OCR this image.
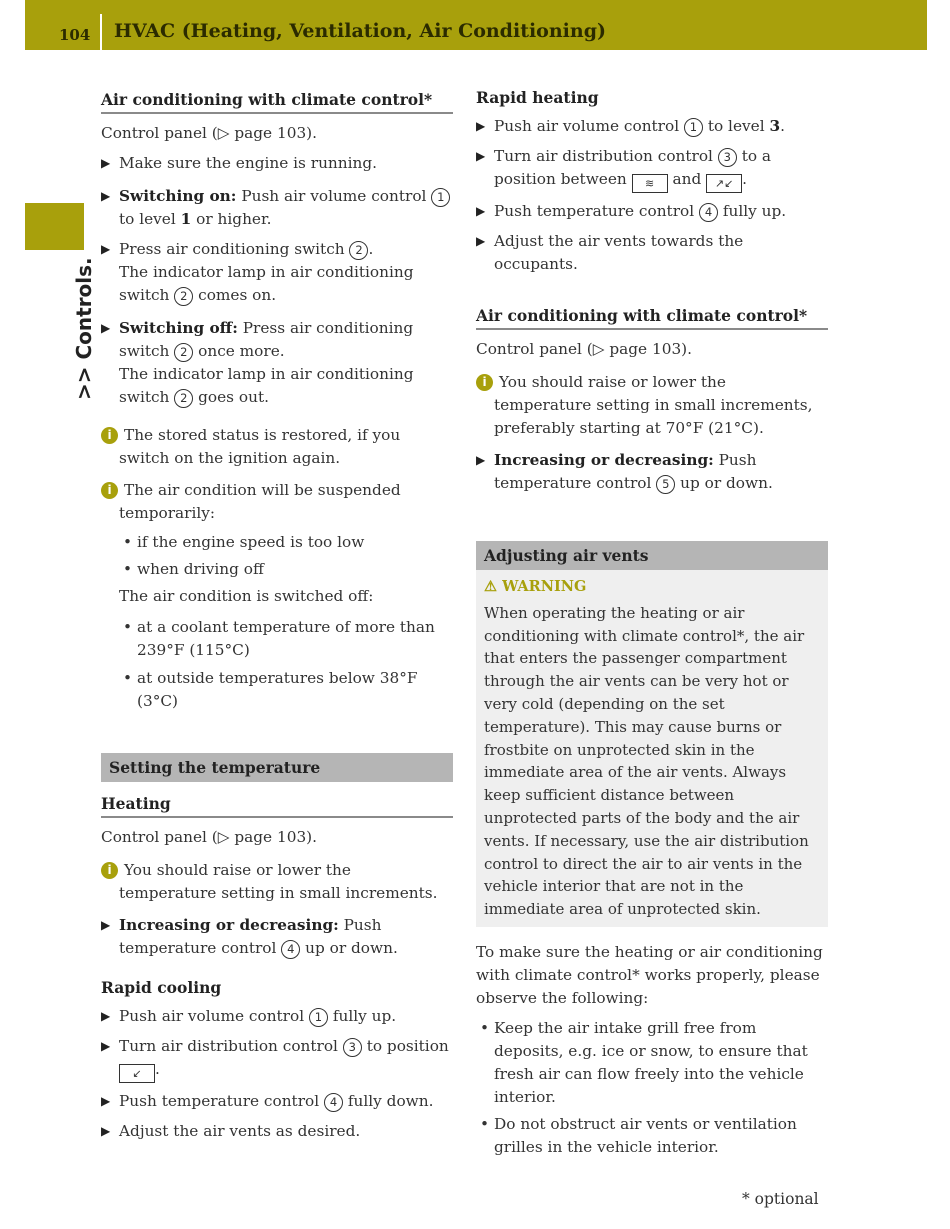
104 HVAC (Heating, Ventilation, Air Conditioning)
>> Controls.
Air conditioning with climate control*

Control panel (▷ page 103).

▶ Make sure the engine is running.
▶ Switching on: Push air volume control 1 to level 1 or higher.
▶ Press air conditioning switch 2 .
The indicator lamp in air conditioning switch 2 comes on.
▶ Switching off: Press air conditioning switch 2 once more.
The indicator lamp in air conditioning switch 2 goes out.
i The stored status is restored, if you switch on the ignition again.
i The air condition will be suspended temporarily:
• if the engine speed is too low
• when driving off

The air condition is switched off:

• at a coolant temperature of more than 239°F (115°C)
• at outside temperatures below 38°F (3°C)
Setting the temperature
Heating

Control panel (▷ page 103).

i You should raise or lower the temperature setting in small increments.
▶ Increasing or decreasing: Push temperature control 4 up or down.
Rapid cooling
▶ Push air volume control 1 fully up.
▶ Turn air distribution control 3 to position ↙ .
▶ Push temperature control 4 fully down.
▶ Adjust the air vents as desired.
Rapid heating
▶ Push air volume control 1 to level 3.
▶ Turn air distribution control 3 to a position between ≋ and ↗↙ .
▶ Push temperature control 4 fully up.
▶ Adjust the air vents towards the occupants.
Air conditioning with climate control*

Control panel (▷ page 103).

i You should raise or lower the temperature setting in small increments, preferably starting at 70°F (21°C).
▶ Increasing or decreasing: Push temperature control 5 up or down.
Adjusting air vents
⚠ WARNING
When operating the heating or air conditioning with climate control*, the air that enters the passenger compartment through the air vents can be very hot or very cold (depending on the set temperature). This may cause burns or frostbite on unprotected skin in the immediate area of the air vents. Always keep sufficient distance between unprotected parts of the body and the air vents. If necessary, use the air distribution control to direct the air to air vents in the vehicle interior that are not in the immediate area of unprotected skin.

To make sure the heating or air conditioning with climate control* works properly, please observe the following:

• Keep the air intake grill free from deposits, e.g. ice or snow, to ensure that fresh air can flow freely into the vehicle interior.
• Do not obstruct air vents or ventilation grilles in the vehicle interior.
* optional
